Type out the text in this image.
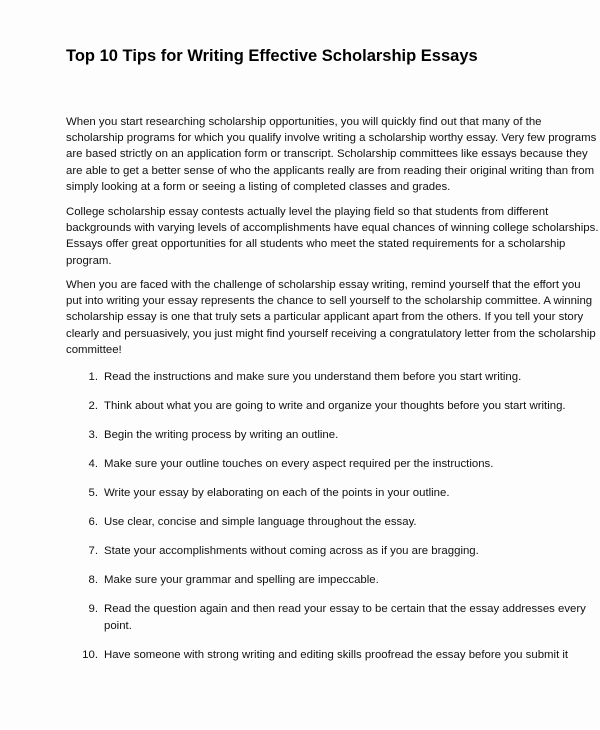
Top 10 Tips for Writing Effective Scholarship Essays

When you start researching scholarship opportunities, you will quickly find out that many of the
scholarship programs for which you qualify involve writing a scholarship worthy essay. Very few programs
are based strictly on an application form or transcript. Scholarship committees like essays because they
are able to get a better sense of who the applicants really are from reading their original writing than from
simply looking at a form or seeing a listing of completed classes and grades.

College scholarship essay contests actually level the playing field so that students from different
backgrounds with varying levels of accomplishments have equal chances of winning college scholarships.
Essays offer great opportunities for all students who meet the stated requirements for a scholarship
program.

When you are faced with the challenge of scholarship essay writing, remind yourself that the effort you
put into writing your essay represents the chance to sell yourself to the scholarship committee. A winning
scholarship essay is one that truly sets a particular applicant apart from the others. If you tell your story
clearly and persuasively, you just might find yourself receiving a congratulatory letter from the scholarship
committee!

1. Read the instructions and make sure you understand them before you start writing.
2. Think about what you are going to write and organize your thoughts before you start writing.
3. Begin the writing process by writing an outline.
4. Make sure your outline touches on every aspect required per the instructions.
5. Write your essay by elaborating on each of the points in your outline.
6. Use clear, concise and simple language throughout the essay.
7. State your accomplishments without coming across as if you are bragging.
8. Make sure your grammar and spelling are impeccable.
9. Read the question again and then read your essay to be certain that the essay addresses every
point.
10. Have someone with strong writing and editing skills proofread the essay before you submit it
